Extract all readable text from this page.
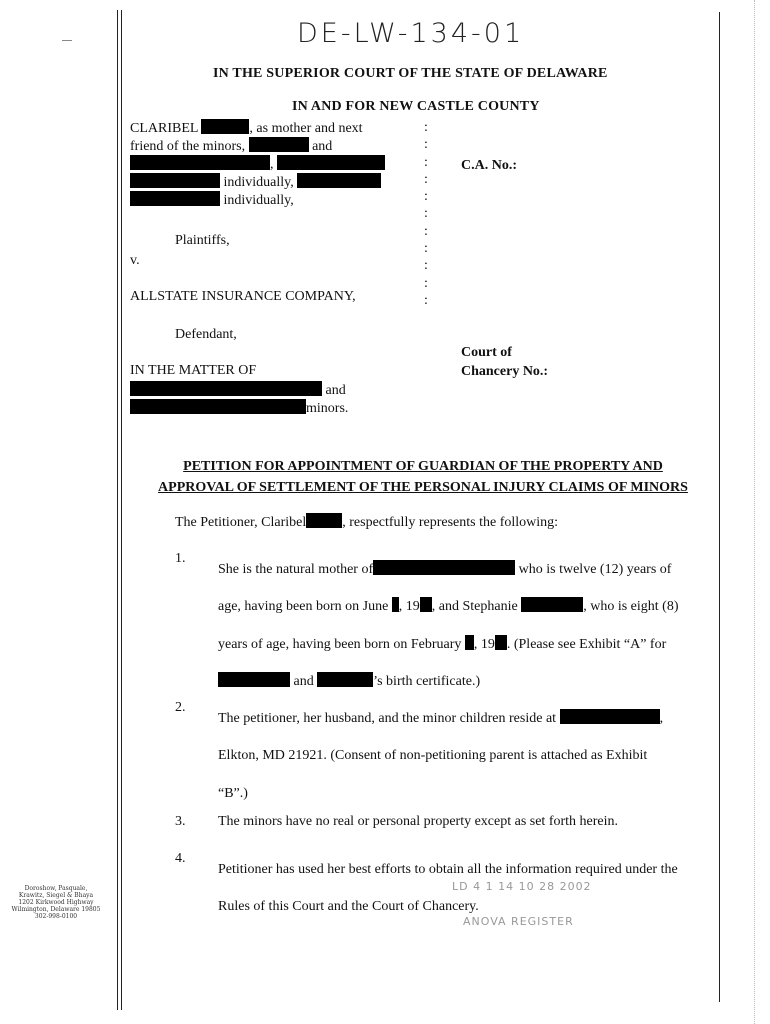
DE-LW-134-01
IN THE SUPERIOR COURT OF THE STATE OF DELAWARE
IN AND FOR NEW CASTLE COUNTY
CLARIBEL	, as mother and next
friend of the minors,	and
,
individually,
individually,
Plaintiffs,
v.
ALLSTATE INSURANCE COMPANY,
Defendant,
IN THE MATTER OF
and
minors.
:
:
:
:
:
:
:
:
:
:
:
C.A. No.:
Court of
Chancery No.:
PETITION FOR APPOINTMENT OF GUARDIAN OF THE PROPERTY AND
APPROVAL OF SETTLEMENT OF THE PERSONAL INJURY CLAIMS OF MINORS
The Petitioner, Claribel	, respectfully represents the following:
1.
She is the natural mother of	who is twelve (12) years of
age, having been born on June , 19 , and Stephanie	, who is eight (8)
years of age, having been born on February , 19 . (Please see Exhibit “A” for
and	’s birth certificate.)
2.
The petitioner, her husband, and the minor children reside at	,
Elkton, MD 21921. (Consent of non-petitioning parent is attached as Exhibit
“B”.)
3. The minors have no real or personal property except as set forth herein.
4.
Petitioner has used her best efforts to obtain all the information required under the
Rules of this Court and the Court of Chancery.
LD 4 1 14 10 28 2002
ANOVA REGISTER
Doroshow, Pasquale,
Krawitz, Siegel & Bhaya
1202 Kirkwood Highway
Wilmington, Delaware 19805
302-998-0100
